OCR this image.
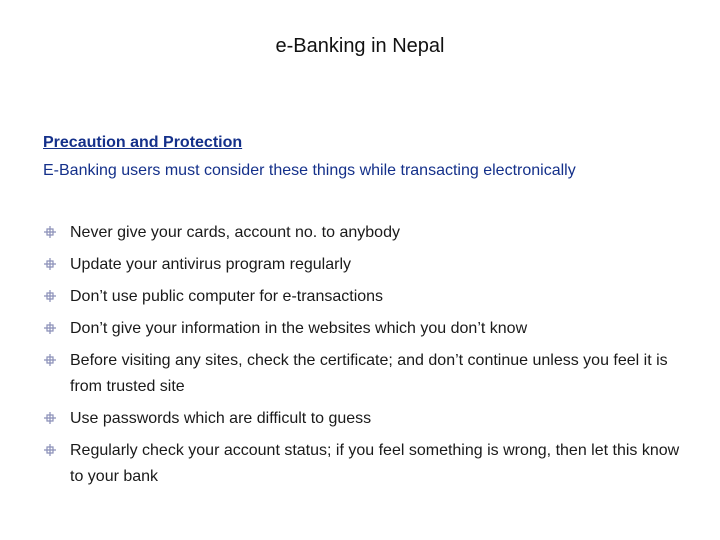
e-Banking in Nepal
Precaution and Protection
E-Banking users must consider these things while transacting electronically
Never give your cards, account no. to anybody
Update your antivirus program regularly
Don’t use public computer for e-transactions
Don’t give your information in the websites which you don’t know
Before visiting any sites, check the certificate; and don’t continue unless you feel it is from trusted site
Use passwords which are difficult to guess
Regularly check your account status; if you feel something is wrong, then let this know to your bank
